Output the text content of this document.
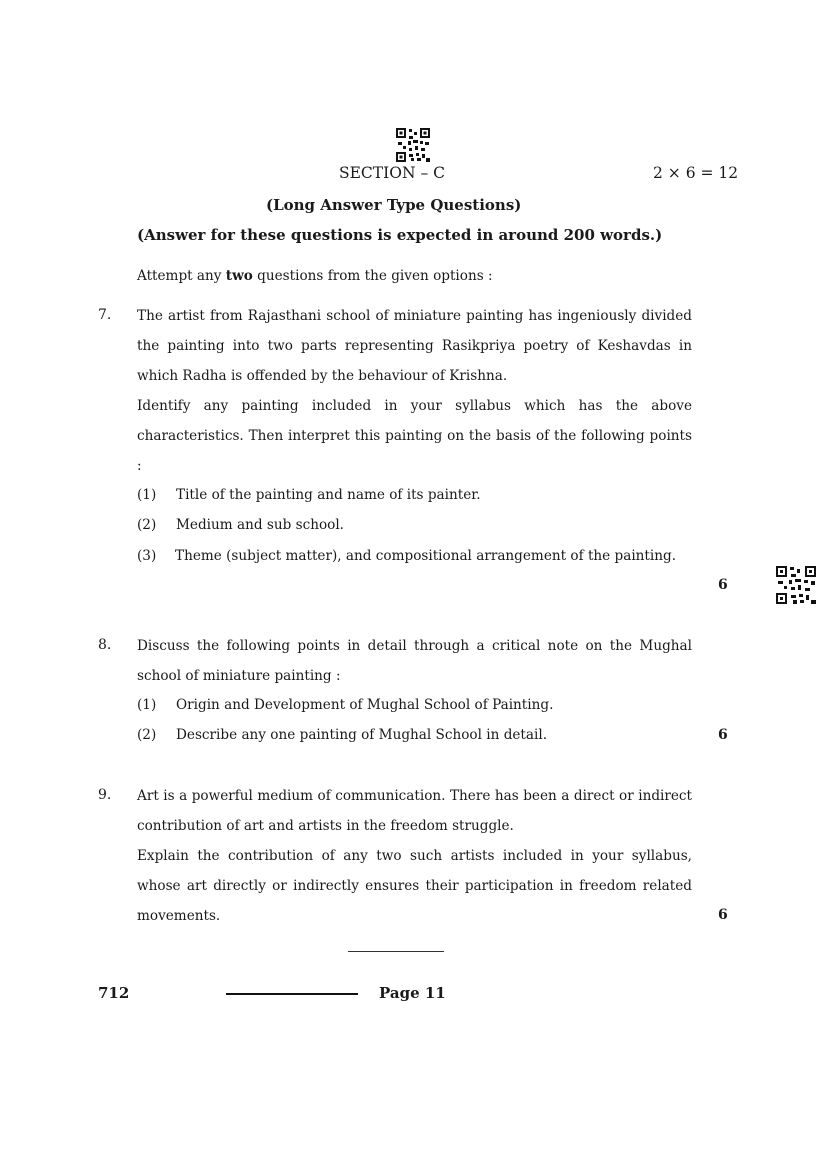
SECTION – C	2 × 6 = 12
(Long Answer Type Questions)
(Answer for these questions is expected in around 200 words.)
Attempt any two questions from the given options :
7. The artist from Rajasthani school of miniature painting has ingeniously divided the painting into two parts representing Rasikpriya poetry of Keshavdas in which Radha is offended by the behaviour of Krishna.

Identify any painting included in your syllabus which has the above characteristics. Then interpret this painting on the basis of the following points :

(1) Title of the painting and name of its painter.
(2) Medium and sub school.
(3) Theme (subject matter), and compositional arrangement of the painting.
6
8. Discuss the following points in detail through a critical note on the Mughal school of miniature painting :

(1) Origin and Development of Mughal School of Painting.
(2) Describe any one painting of Mughal School in detail.	6
9. Art is a powerful medium of communication. There has been a direct or indirect contribution of art and artists in the freedom struggle.

Explain the contribution of any two such artists included in your syllabus, whose art directly or indirectly ensures their participation in freedom related movements.	6
712	Page 11
